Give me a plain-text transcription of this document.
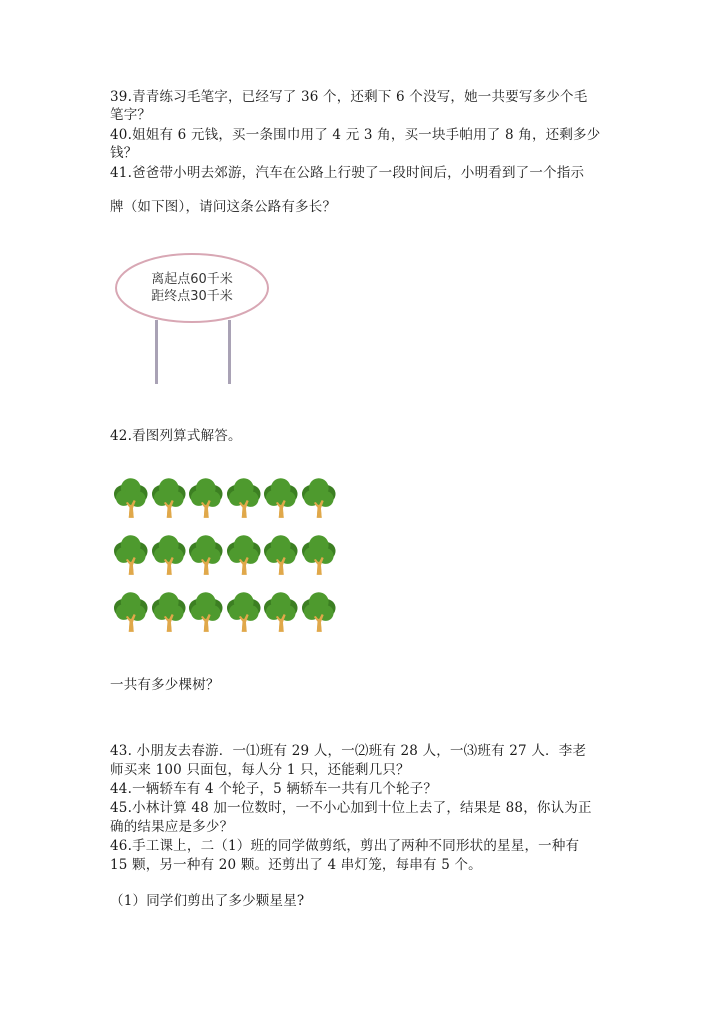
39.青青练习毛笔字，已经写了 36 个，还剩下 6 个没写，她一共要写多少个毛

笔字？

40.姐姐有 6 元钱，买一条围巾用了 4 元 3 角，买一块手帕用了 8 角，还剩多少

钱？

41.爸爸带小明去郊游，汽车在公路上行驶了一段时间后，小明看到了一个指示

牌（如下图），请问这条公路有多长？

离起点60千米
距终点30千米

42.看图列算式解答。

一共有多少棵树？

43. 小朋友去春游．一⑴班有 29 人，一⑵班有 28 人，一⑶班有 27 人．李老

师买来 100 只面包，每人分 1 只，还能剩几只？

44.一辆轿车有 4 个轮子，5 辆轿车一共有几个轮子？

45.小林计算 48 加一位数时，一不小心加到十位上去了，结果是 88，你认为正

确的结果应是多少？

46.手工课上，二（1）班的同学做剪纸，剪出了两种不同形状的星星，一种有

15 颗，另一种有 20 颗。还剪出了 4 串灯笼，每串有 5 个。

（1）同学们剪出了多少颗星星?
